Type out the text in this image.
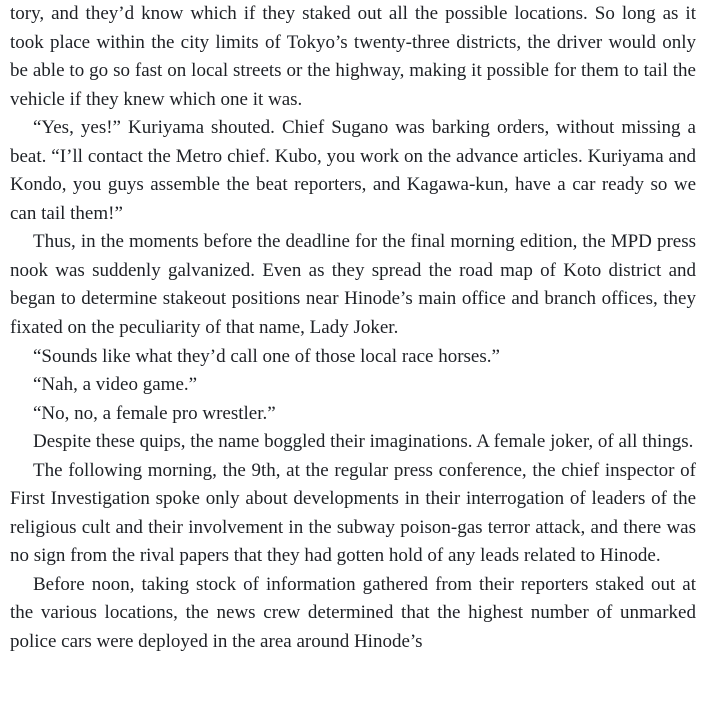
tory, and they’d know which if they staked out all the possible locations. So long as it took place within the city limits of Tokyo’s twenty-three districts, the driver would only be able to go so fast on local streets or the highway, making it possible for them to tail the vehicle if they knew which one it was.

“Yes, yes!” Kuriyama shouted. Chief Sugano was barking orders, without missing a beat. “I’ll contact the Metro chief. Kubo, you work on the advance articles. Kuriyama and Kondo, you guys assemble the beat reporters, and Kagawa-kun, have a car ready so we can tail them!”

Thus, in the moments before the deadline for the final morning edition, the MPD press nook was suddenly galvanized. Even as they spread the road map of Koto district and began to determine stakeout positions near Hinode’s main office and branch offices, they fixated on the peculiarity of that name, Lady Joker.

“Sounds like what they’d call one of those local race horses.”

“Nah, a video game.”

“No, no, a female pro wrestler.”

Despite these quips, the name boggled their imaginations. A female joker, of all things.

The following morning, the 9th, at the regular press conference, the chief inspector of First Investigation spoke only about developments in their interrogation of leaders of the religious cult and their involvement in the subway poison-gas terror attack, and there was no sign from the rival papers that they had gotten hold of any leads related to Hinode.

Before noon, taking stock of information gathered from their reporters staked out at the various locations, the news crew determined that the highest number of unmarked police cars were deployed in the area around Hinode’s
